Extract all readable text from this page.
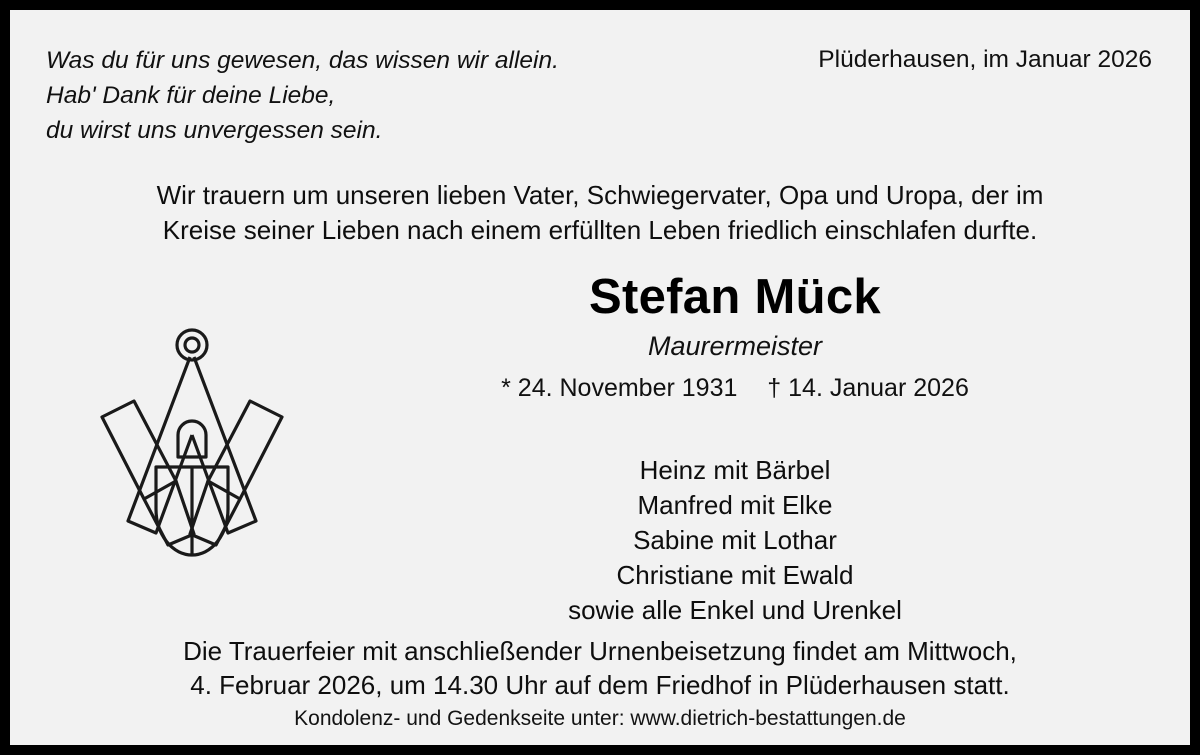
Was du für uns gewesen, das wissen wir allein.
Hab' Dank für deine Liebe,
du wirst uns unvergessen sein.
Plüderhausen, im Januar 2026
Wir trauern um unseren lieben Vater, Schwiegervater, Opa und Uropa, der im
Kreise seiner Lieben nach einem erfüllten Leben friedlich einschlafen durfte.
Stefan Mück
Maurermeister
* 24. November 1931 † 14. Januar 2026
Heinz mit Bärbel
Manfred mit Elke
Sabine mit Lothar
Christiane mit Ewald
sowie alle Enkel und Urenkel
Die Trauerfeier mit anschließender Urnenbeisetzung findet am Mittwoch,
4. Februar 2026, um 14.30 Uhr auf dem Friedhof in Plüderhausen statt.
Kondolenz- und Gedenkseite unter: www.dietrich-bestattungen.de
